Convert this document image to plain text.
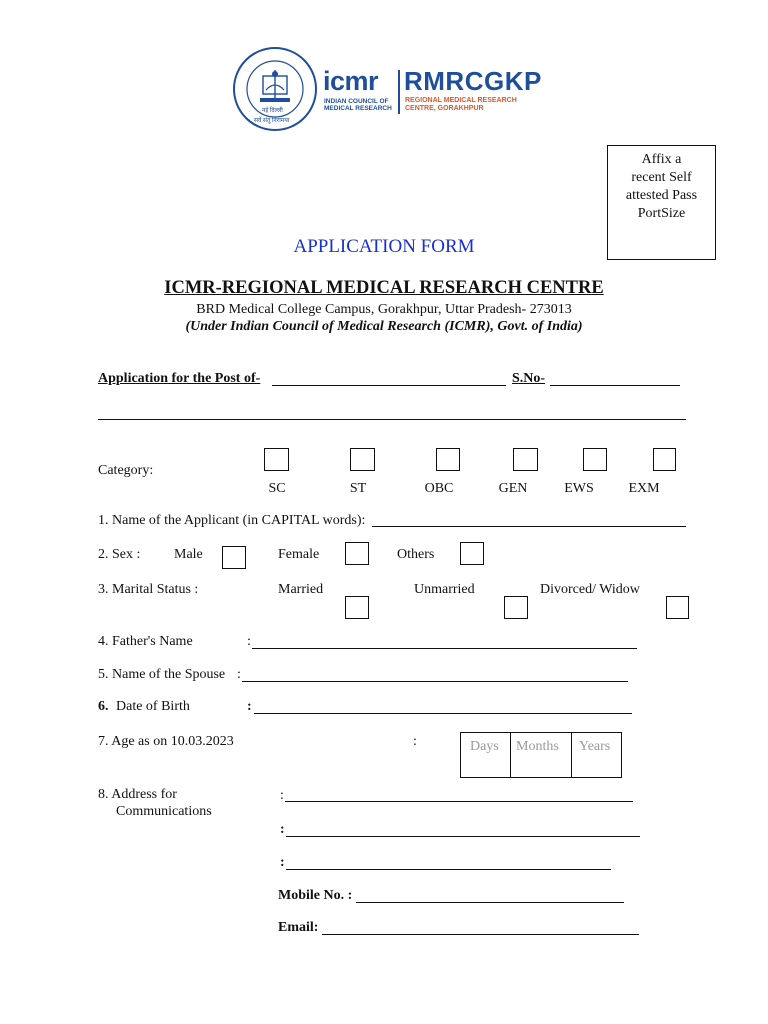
नई दिल्ली
सर्वे संतु निरामया
icmr
INDIAN COUNCIL OF MEDICAL RESEARCH
RMRCGKP
REGIONAL MEDICAL RESEARCH CENTRE, GORAKHPUR
Affix a
recent Self
attested Pass
PortSize
APPLICATION FORM
ICMR-REGIONAL MEDICAL RESEARCH CENTRE
BRD Medical College Campus, Gorakhpur, Uttar Pradesh- 273013
(Under Indian Council of Medical Research (ICMR), Govt. of India)
Application for the Post of-	S.No-
Category:
SC	ST	OBC	GEN	EWS	EXM
1. Name of the Applicant (in CAPITAL words):
2. Sex : Male	Female	Others
3. Marital Status :	Married	Unmarried	Divorced/ Widow
4. Father's Name	:
5. Name of the Spouse :
6. Date of Birth	:
7. Age as on 10.03.2023	:	Days Months Years
8. Address for
Communications
:
:
:
Mobile No. :
Email:
